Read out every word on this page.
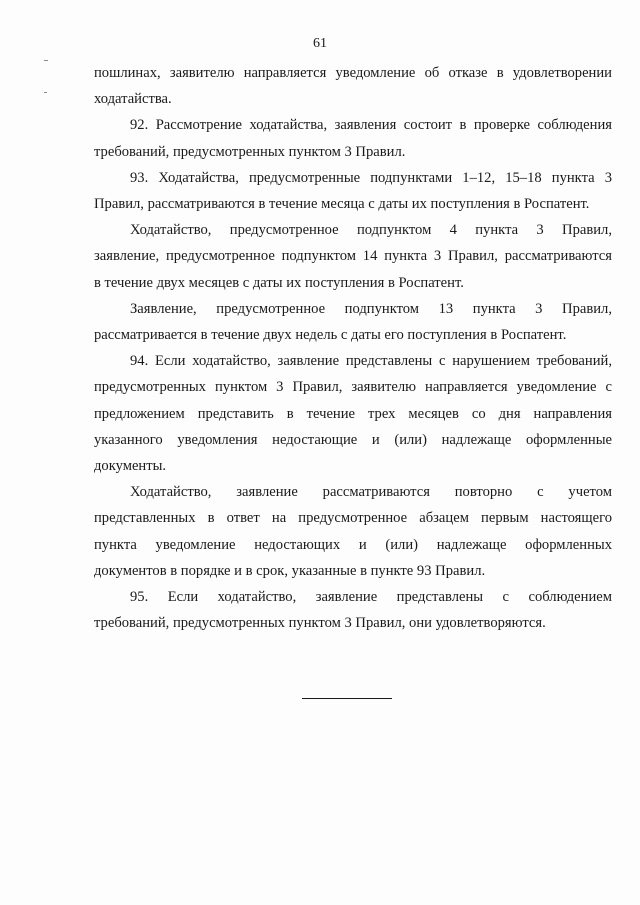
61

пошлинах, заявителю направляется уведомление об отказе в удовлетворении

ходатайства.

92. Рассмотрение ходатайства, заявления состоит в проверке соблюдения

требований, предусмотренных пунктом 3 Правил.

93. Ходатайства, предусмотренные подпунктами 1–12, 15–18 пункта 3

Правил, рассматриваются в течение месяца с даты их поступления в Роспатент.

Ходатайство, предусмотренное подпунктом 4 пункта 3 Правил,

заявление, предусмотренное подпунктом 14 пункта 3 Правил, рассматриваются

в течение двух месяцев с даты их поступления в Роспатент.

Заявление, предусмотренное подпунктом 13 пункта 3 Правил,

рассматривается в течение двух недель с даты его поступления в Роспатент.

94. Если ходатайство, заявление представлены с нарушением требований,

предусмотренных пунктом 3 Правил, заявителю направляется уведомление с

предложением представить в течение трех месяцев со дня направления

указанного уведомления недостающие и (или) надлежаще оформленные

документы.

Ходатайство, заявление рассматриваются повторно с учетом

представленных в ответ на предусмотренное абзацем первым настоящего

пункта уведомление недостающих и (или) надлежаще оформленных

документов в порядке и в срок, указанные в пункте 93 Правил.

95. Если ходатайство, заявление представлены с соблюдением

требований, предусмотренных пунктом 3 Правил, они удовлетворяются.
